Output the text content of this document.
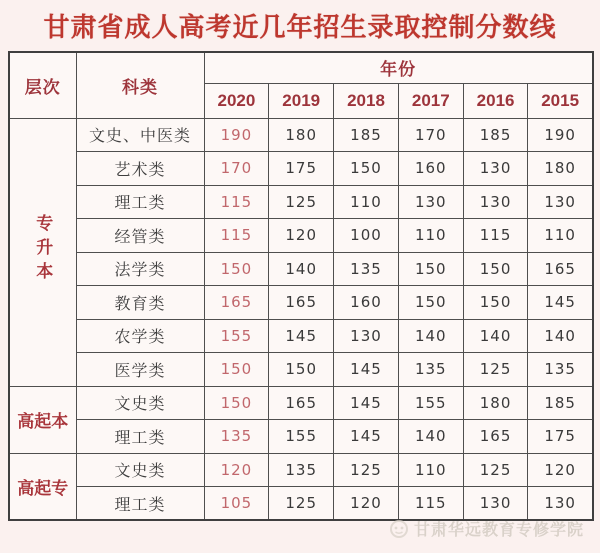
甘肃省成人高考近几年招生录取控制分数线
层次	科类	年份					
		2020	2019	2018	2017	2016	2015
专升本	文史、中医类	190	180	185	170	185	190
	艺术类	170	175	150	160	130	180
	理工类	115	125	110	130	130	130
	经管类	115	120	100	110	115	110
	法学类	150	140	135	150	150	165
	教育类	165	165	160	150	150	145
	农学类	155	145	130	140	140	140
	医学类	150	150	145	135	125	135
高起本	文史类	150	165	145	155	180	185
	理工类	135	155	145	140	165	175
高起专	文史类	120	135	125	110	125	120
	理工类	105	125	120	115	130	130
甘肃华远教育专修学院
